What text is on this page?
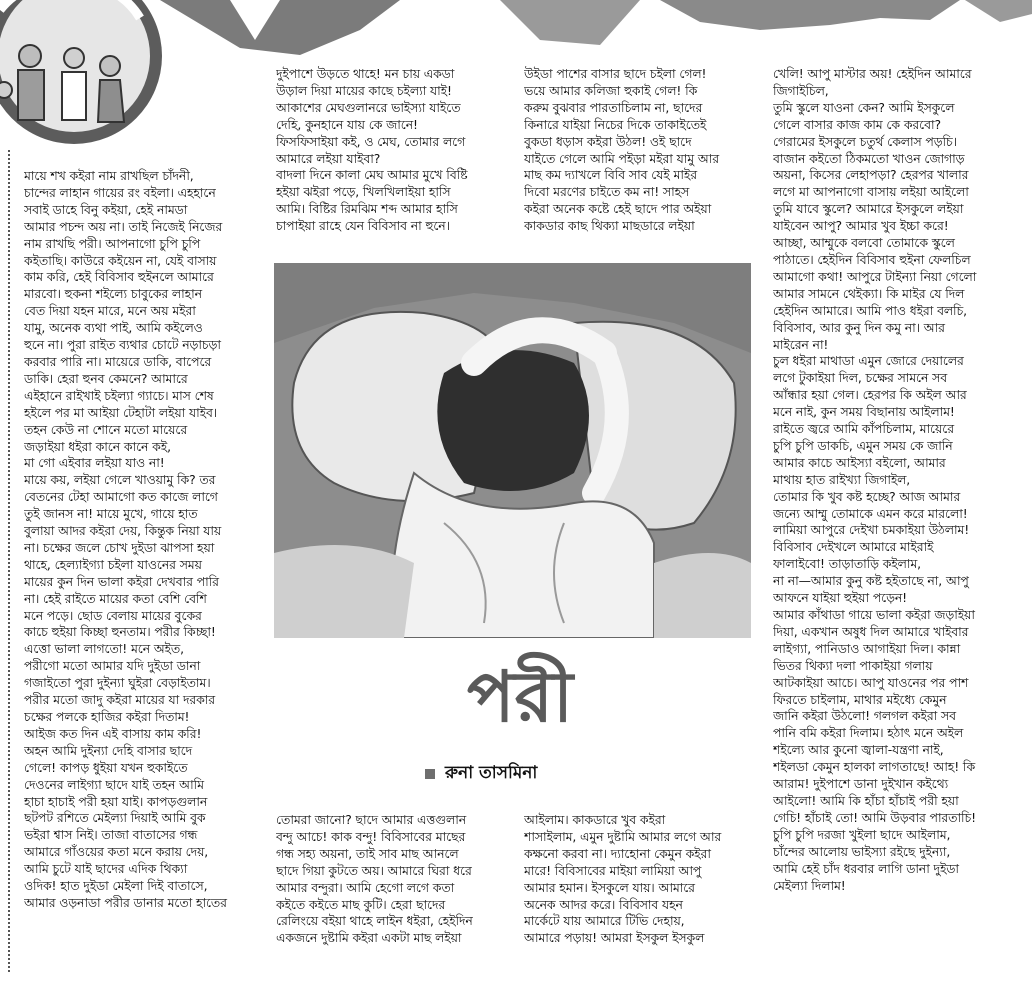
মায়ে শখ কইরা নাম রাখছিল চাঁদনী,
চান্দের লাহান গায়ের রং বইলা। এহহানে
সবাই ডাহে বিনু কইয়া, হেই নামডা
আমার পচন্দ অয় না। তাই নিজেই নিজের
নাম রাখছি পরী। আপনাগো চুপি চুপি
কইতাছি। কাউরে কইয়েন না, যেই বাসায়
কাম করি, হেই বিবিসাব হুইনলে আমারে
মারবো। হুকনা শইল্যে চাবুকের লাহান
বেত দিয়া যহন মারে, মনে অয় মইরা
যামু, অনেক ব্যথা পাই, আমি কইলেও
হুনে না। পুরা রাইত ব্যথার চোটে নড়াচড়া
করবার পারি না। মায়েরে ডাকি, বাপেরে
ডাকি। হেরা হুনব কেমনে? আমারে
এইহানে রাইখাই চইল্যা গ্যাচে। মাস শেষ
হইলে পর মা আইয়া টেহাটা লইয়া যাইব।
তহন কেউ না শোনে মতো মায়েরে
জড়াইয়া ধইরা কানে কানে কই,
মা গো এইবার লইয়া যাও না!
মায়ে কয়, লইয়া গেলে খাওয়ামু কি? তর
বেতনের টেহা আমাগো কত কাজে লাগে
তুই জানস না! মায়ে মুখে, গায়ে হাত
বুলায়া আদর কইরা দেয়, কিন্তুক নিয়া যায়
না। চক্ষের জলে চোখ দুইডা ঝাপসা হয়া
থাহে, হেল্যাইগ্যা চইলা যাওনের সময়
মায়ের কুন দিন ভালা কইরা দেখবার পারি
না। হেই রাইতে মায়ের কতা বেশি বেশি
মনে পড়ে। ছোড বেলায় মায়ের বুকের
কাচে হুইয়া কিচ্ছা হুনতাম। পরীর কিচ্ছা!
এত্তো ভালা লাগতো! মনে অইত,
পরীগো মতো আমার যদি দুইডা ডানা
গজাইতো পুরা দুইন্যা ঘুইরা বেড়াইতাম।
পরীর মতো জাদু কইরা মায়ের যা দরকার
চক্ষের পলকে হাজির কইরা দিতাম!
আইজ কত দিন এই বাসায় কাম করি!
অহন আমি দুইন্যা দেহি বাসার ছাদে
গেলে! কাপড় ধুইয়া যখন হুকাইতে
দেওনের লাইগ্যা ছাদে যাই তহন আমি
হাচা হাচাই পরী হয়া যাই। কাপড়গুলান
ছটপট রশিতে মেইল্যা দিয়াই আমি বুক
ভইরা শ্বাস নিই। তাজা বাতাসের গন্ধ
আমারে গাঁওয়ের কতা মনে করায় দেয়,
আমি চুটে যাই ছাদের এদিক থিক্যা
ওদিক! হাত দুইডা মেইলা দিই বাতাসে,
আমার ওড়নাডা পরীর ডানার মতো হাতের

দুইপাশে উড়তে থাহে! মন চায় একডা
উড়াল দিয়া মায়ের কাছে চইল্যা যাই!
আকাশের মেঘগুলানরে ভাইস্যা যাইতে
দেহি, কুনহানে যায় কে জানে!
ফিসফিসাইয়া কই, ও মেঘ, তোমার লগে
আমারে লইয়া যাইবা?
বাদলা দিনে কালা মেঘ আমার মুখে বিষ্টি
হইয়া ঝইরা পড়ে, খিলখিলাইয়া হাসি
আমি। বিষ্টির রিমঝিম শব্দ আমার হাসি
চাপাইয়া রাহে যেন বিবিসাব না হুনে।

উইডা পাশের বাসার ছাদে চইলা গেল!
ভয়ে আমার কলিজা হুকাই গেল! কি
করুম বুঝবার পারতাচিলাম না, ছাদের
কিনারে যাইয়া নিচের দিকে তাকাইতেই
বুকডা ধড়াস কইরা উঠল! ওই ছাদে
যাইতে গেলে আমি পইড়া মইরা যামু আর
মাছ কম দ্যাখলে বিবি সাব যেই মাইর
দিবো মরণের চাইতে কম না! সাহস
কইরা অনেক কষ্টে হেই ছাদে পার অইয়া
কাকডার কাছ থিক্যা মাছডারে লইয়া

খেলি! আপু মাস্টার অয়! হেইদিন আমারে
জিগাইচিল,
তুমি স্কুলে যাওনা কেন? আমি ইসকুলে
গেলে বাসার কাজ কাম কে করবো?
গেরামের ইসকুলে চতুর্থ কেলাস পড়চি।
বাজান কইতো ঠিকমতো খাওন জোগাড়
অয়না, কিসের লেহাপড়া? হেরপর খালার
লগে মা আপনাগো বাসায় লইয়া আইলো
তুমি যাবে স্কুলে? আমারে ইসকুলে লইয়া
যাইবেন আপু? আমার খুব ইচ্চা করে!
আচ্ছা, আম্মুকে বলবো তোমাকে স্কুলে
পাঠাতে। হেইদিন বিবিসাব হুইনা ফেলচিল
আমাগো কথা! আপুরে টাইন্যা নিয়া গেলো
আমার সামনে থেইক্যা। কি মাইর যে দিল
হেইদিন আমারে। আমি পাও ধইরা বলচি,
বিবিসাব, আর কুনু দিন কমু না। আর
মাইরেন না!
চুল ধইরা মাথাডা এমুন জোরে দেয়ালের
লগে টুকাইয়া দিল, চক্ষের সামনে সব
আঁন্ধার হয়া গেল। হেরপর কি অইল আর
মনে নাই, কুন সময় বিছানায় আইলাম!
রাইতে জ্বরে আমি কাঁপচিলাম, মায়েরে
চুপি চুপি ডাকচি, এমুন সময় কে জানি
আমার কাচে আইস্যা বইলো, আমার
মাথায় হাত রাইখ্যা জিগাইল,
তোমার কি খুব কষ্ট হচ্ছে? আজ আমার
জন্যে আম্মু তোমাকে এমন করে মারলো!
লামিয়া আপুরে দেইখা চমকাইয়া উঠলাম!
বিবিসাব দেইখলে আমারে মাইরাই
ফালাইবো! তাড়াতাড়ি কইলাম,
না না—আমার কুনু কষ্ট হইতাছে না, আপু
আফনে যাইয়া হুইয়া পড়েন!
আমার কাঁথাডা গায়ে ভালা কইরা জড়াইয়া
দিয়া, একখান অষুধ দিল আমারে খাইবার
লাইগ্যা, পানিডাও আগাইয়া দিল। কান্না
ভিতর থিক্যা দলা পাকাইয়া গলায়
আটকাইয়া আচে। আপু যাওনের পর পাশ
ফিরতে চাইলাম, মাথার মইধ্যে কেমুন
জানি কইরা উঠলো! গলগল কইরা সব
পানি বমি কইরা দিলাম। হঠাৎ মনে অইল
শইল্যে আর কুনো জ্বালা-যন্ত্রণা নাই,
শইলডা কেমুন হালকা লাগতাছে! আহ! কি
আরাম! দুইপাশে ডানা দুইখান কইথ্যে
আইলো! আমি কি হাঁচা হাঁচাই পরী হয়া
গেচি! হাঁচাই তো! আমি উড়বার পারতাচি!
চুপি চুপি দরজা খুইলা ছাদে আইলাম,
চাঁন্দের আলোয় ভাইস্যা রইছে দুইন্যা,
আমি হেই চাঁদ ধরবার লাগি ডানা দুইডা
মেইল্যা দিলাম!

পরী
রুনা তাসমিনা

তোমরা জানো? ছাদে আমার এত্তগুলান
বন্দু আচে! কাক বন্দু! বিবিসাবের মাছের
গন্ধ সহ্য অয়না, তাই সাব মাছ আনলে
ছাদে গিয়া কুটতে অয়। আমারে ঘিরা ধরে
আমার বন্দুরা। আমি হেগো লগে কতা
কইতে কইতে মাছ কুটি। হেরা ছাদের
রেলিংয়ে বইয়া থাহে লাইন ধইরা, হেইদিন
একজনে দুষ্টামি কইরা একটা মাছ লইয়া

আইলাম। কাকডারে খুব কইরা
শাসাইলাম, এমুন দুষ্টামি আমার লগে আর
কক্ষনো করবা না। দ্যাহোনা কেমুন কইরা
মারে! বিবিসাবের মাইয়া লামিয়া আপু
আমার হমান। ইসকুলে যায়। আমারে
অনেক আদর করে। বিবিসাব যহন
মার্কেটে যায় আমারে টিভি দেহায়,
আমারে পড়ায়! আমরা ইসকুল ইসকুল
